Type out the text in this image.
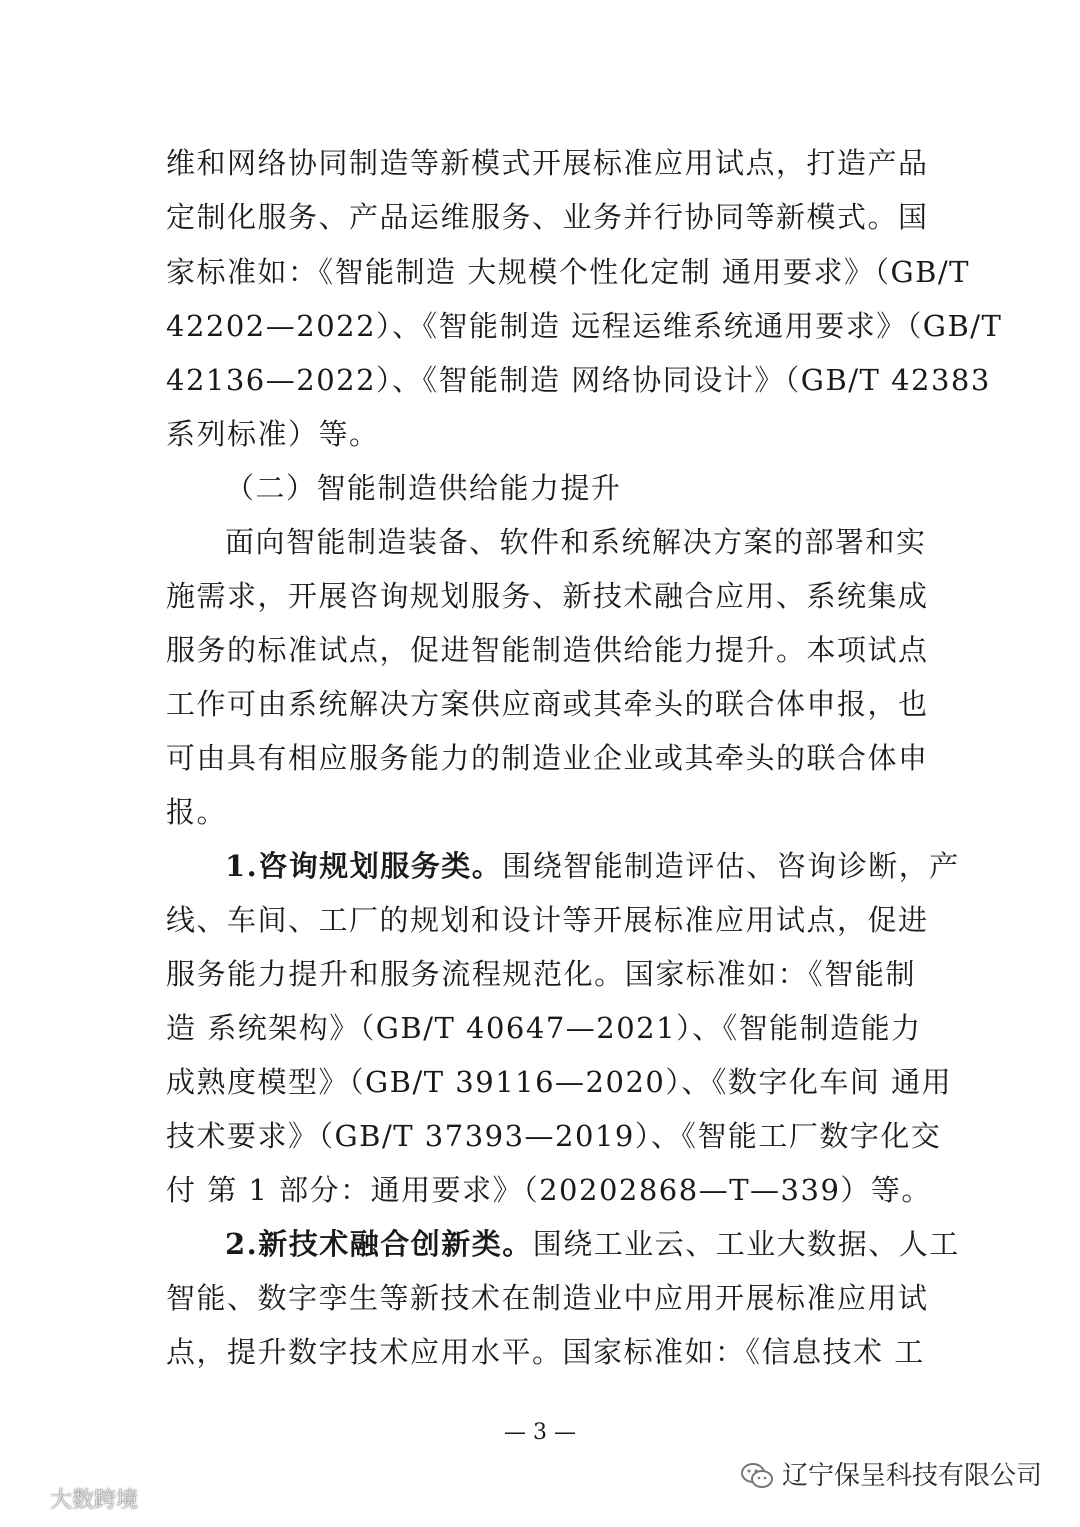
维和网络协同制造等新模式开展标准应用试点，打造产品
定制化服务、产品运维服务、业务并行协同等新模式。国
家标准如：《智能制造 大规模个性化定制 通用要求》（GB/T
42202—2022）、《智能制造 远程运维系统通用要求》（GB/T
42136—2022）、《智能制造 网络协同设计》（GB/T 42383
系列标准）等。
（二）智能制造供给能力提升
面向智能制造装备、软件和系统解决方案的部署和实
施需求，开展咨询规划服务、新技术融合应用、系统集成
服务的标准试点，促进智能制造供给能力提升。本项试点
工作可由系统解决方案供应商或其牵头的联合体申报，也
可由具有相应服务能力的制造业企业或其牵头的联合体申
报。
1.咨询规划服务类。围绕智能制造评估、咨询诊断，产
线、车间、工厂的规划和设计等开展标准应用试点，促进
服务能力提升和服务流程规范化。国家标准如：《智能制
造 系统架构》（GB/T 40647—2021）、《智能制造能力
成熟度模型》（GB/T 39116—2020）、《数字化车间 通用
技术要求》（GB/T 37393—2019）、《智能工厂数字化交
付 第 1 部分：通用要求》（20202868—T—339）等。
2.新技术融合创新类。围绕工业云、工业大数据、人工
智能、数字孪生等新技术在制造业中应用开展标准应用试
点，提升数字技术应用水平。国家标准如：《信息技术 工
— 3 —
辽宁保呈科技有限公司
大数跨境
